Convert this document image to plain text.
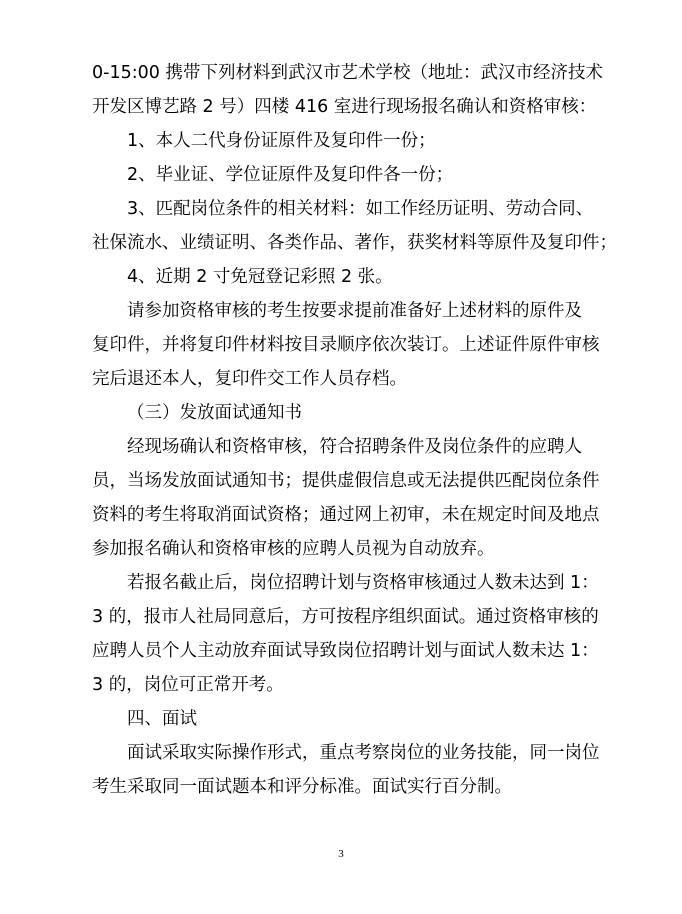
0-15:00 携带下列材料到武汉市艺术学校（地址：武汉市经济技术
开发区博艺路 2 号）四楼 416 室进行现场报名确认和资格审核：
1、本人二代身份证原件及复印件一份；
2、毕业证、学位证原件及复印件各一份；
3、匹配岗位条件的相关材料：如工作经历证明、劳动合同、
社保流水、业绩证明、各类作品、著作，获奖材料等原件及复印件；
4、近期 2 寸免冠登记彩照 2 张。
请参加资格审核的考生按要求提前准备好上述材料的原件及
复印件，并将复印件材料按目录顺序依次装订。上述证件原件审核
完后退还本人，复印件交工作人员存档。
（三）发放面试通知书
经现场确认和资格审核，符合招聘条件及岗位条件的应聘人
员，当场发放面试通知书；提供虚假信息或无法提供匹配岗位条件
资料的考生将取消面试资格；通过网上初审，未在规定时间及地点
参加报名确认和资格审核的应聘人员视为自动放弃。
若报名截止后，岗位招聘计划与资格审核通过人数未达到 1：
3 的，报市人社局同意后，方可按程序组织面试。通过资格审核的
应聘人员个人主动放弃面试导致岗位招聘计划与面试人数未达 1：
3 的，岗位可正常开考。
四、面试
面试采取实际操作形式，重点考察岗位的业务技能，同一岗位
考生采取同一面试题本和评分标准。面试实行百分制。
3
